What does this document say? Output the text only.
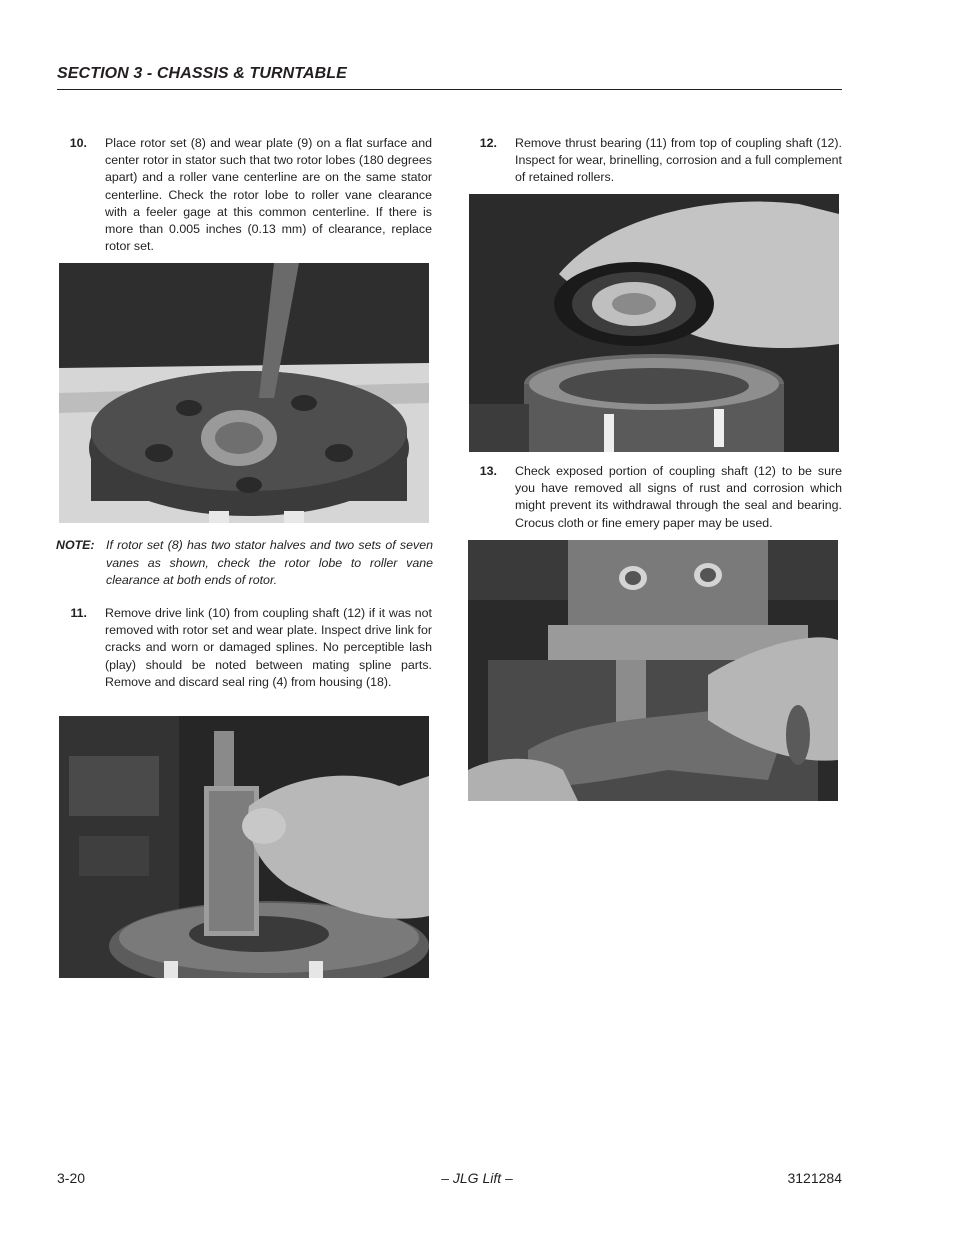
SECTION 3 - CHASSIS & TURNTABLE
10. Place rotor set (8) and wear plate (9) on a flat surface and center rotor in stator such that two rotor lobes (180 degrees apart) and a roller vane centerline are on the same stator centerline. Check the rotor lobe to roller vane clearance with a feeler gage at this common centerline. If there is more than 0.005 inches (0.13 mm) of clearance, replace rotor set.
NOTE: If rotor set (8) has two stator halves and two sets of seven vanes as shown, check the rotor lobe to roller vane clearance at both ends of rotor.
11. Remove drive link (10) from coupling shaft (12) if it was not removed with rotor set and wear plate. Inspect drive link for cracks and worn or damaged splines. No perceptible lash (play) should be noted between mating spline parts. Remove and discard seal ring (4) from housing (18).
12. Remove thrust bearing (11) from top of coupling shaft (12). Inspect for wear, brinelling, corrosion and a full complement of retained rollers.
13. Check exposed portion of coupling shaft (12) to be sure you have removed all signs of rust and corrosion which might prevent its withdrawal through the seal and bearing. Crocus cloth or fine emery paper may be used.
3-20	– JLG Lift –	3121284
